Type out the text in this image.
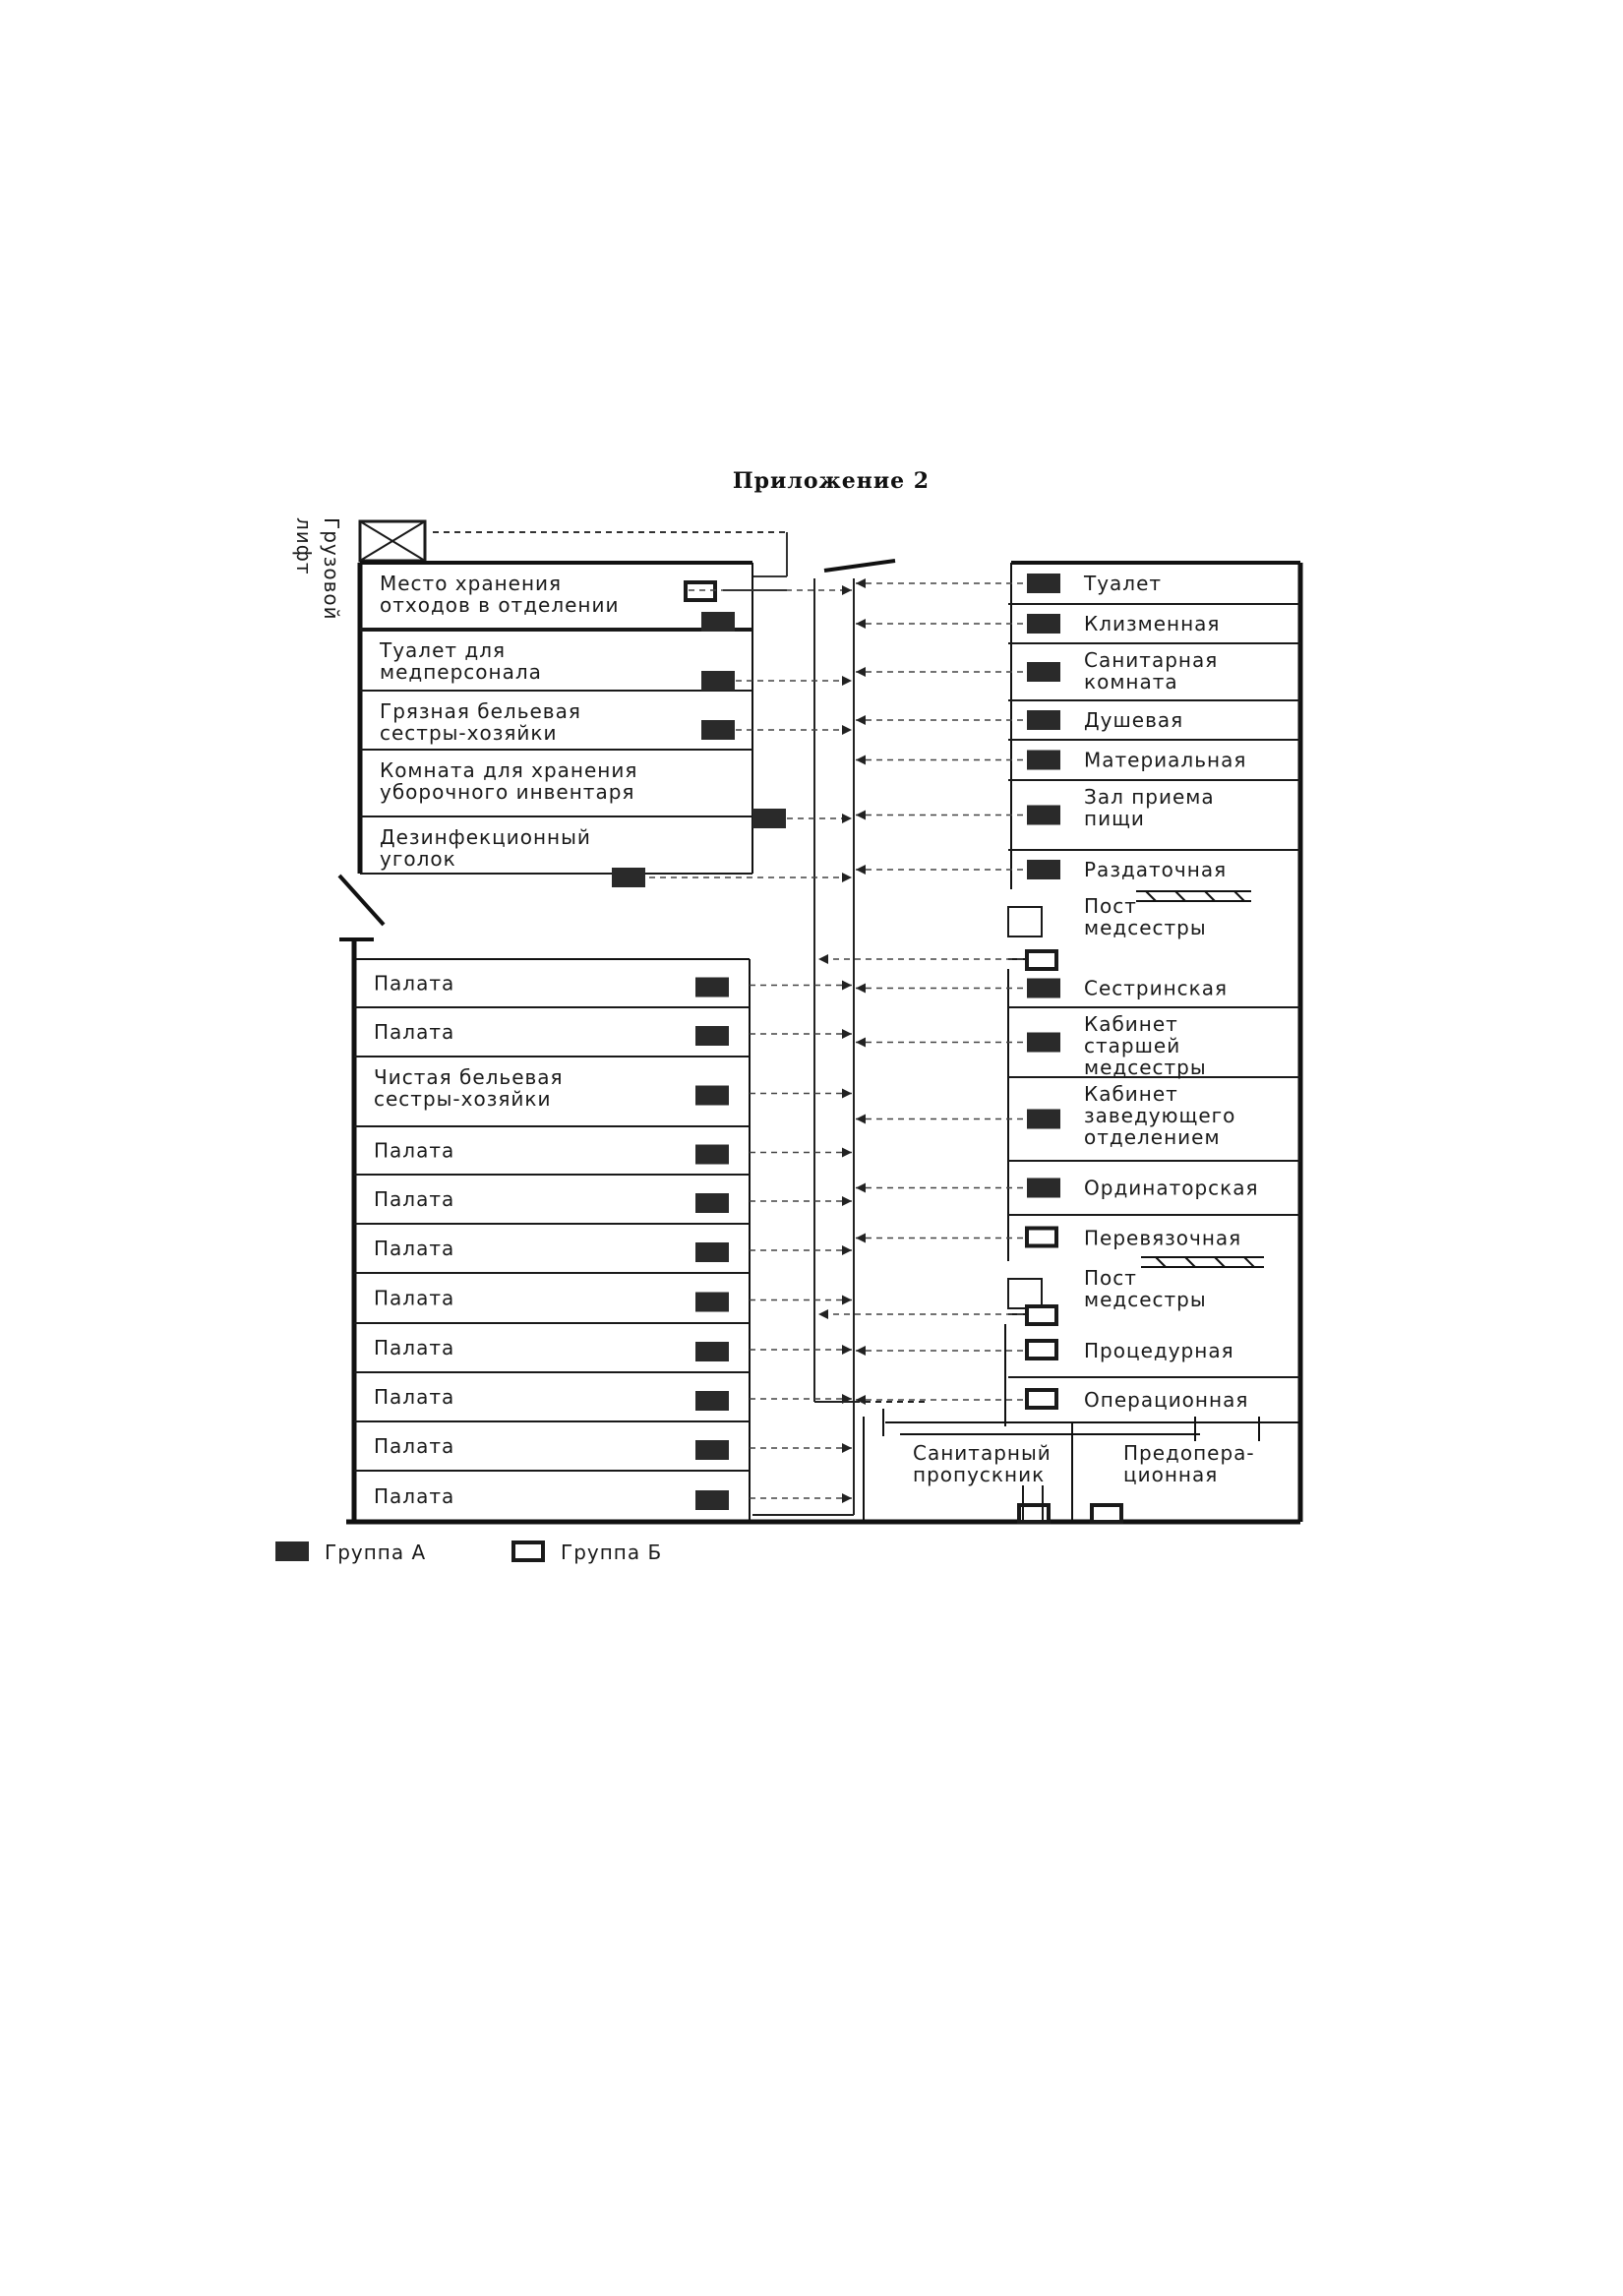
Приложение 2
Грузовой
лифт
Место хранения
отходов в отделении
Туалет для
медперсонала
Грязная бельевая
сестры-хозяйки
Комната для хранения
уборочного инвентаря
Дезинфекционный
уголок
Палата
Палата
Чистая бельевая
сестры-хозяйки
Палата
Палата
Палата
Палата
Палата
Палата
Палата
Палата
Туалет
Клизменная
Санитарная
комната
Душевая
Материальная
Зал приема
пищи
Раздаточная
Пост
медсестры
Сестринская
Кабинет
старшей
медсестры
Кабинет
заведующего
отделением
Ординаторская
Перевязочная
Пост
медсестры
Процедурная
Операционная
Санитарный
пропускник
Предопера-
ционная
Группа А	Группа Б
